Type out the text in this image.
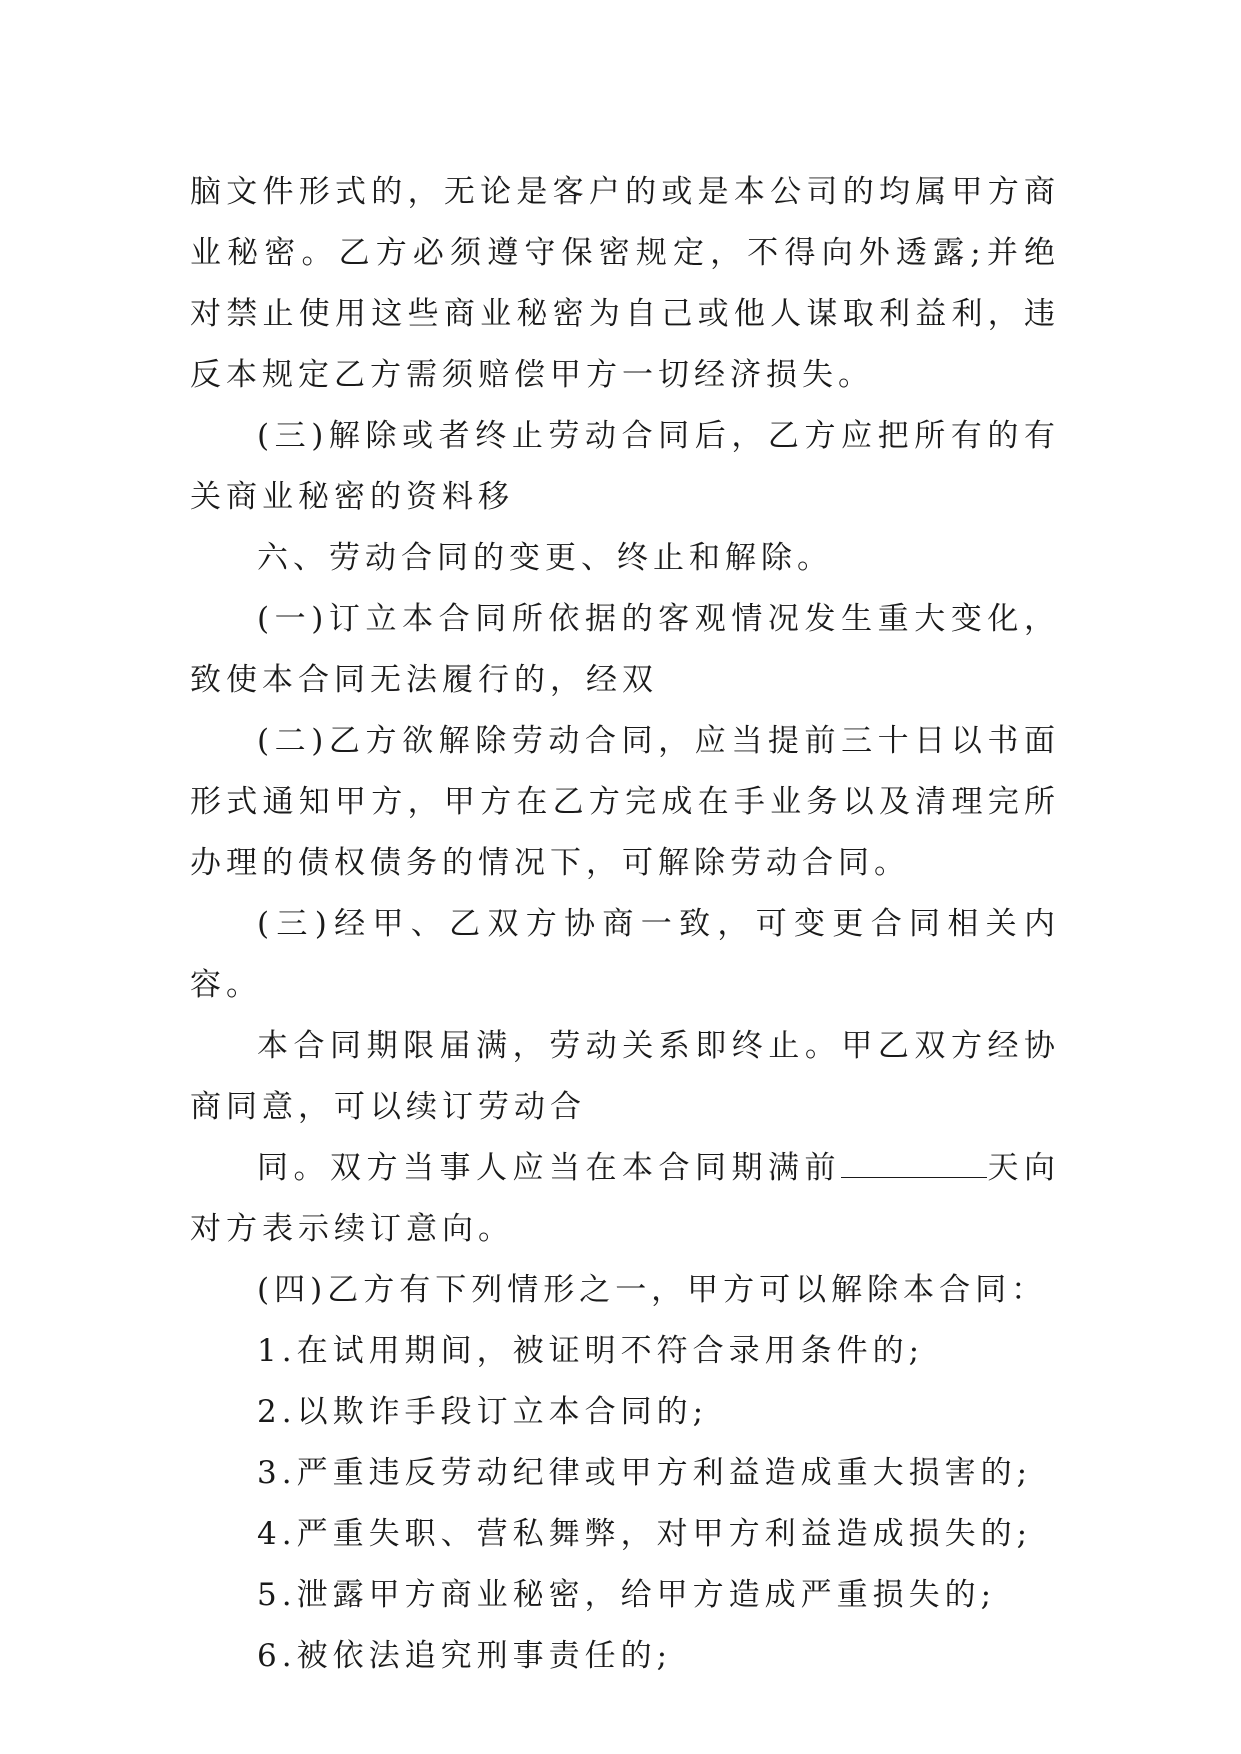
脑文件形式的，无论是客户的或是本公司的均属甲方商业秘密。乙方必须遵守保密规定，不得向外透露;并绝对禁止使用这些商业秘密为自己或他人谋取利益利，违反本规定乙方需须赔偿甲方一切经济损失。

(三)解除或者终止劳动合同后，乙方应把所有的有关商业秘密的资料移

六、劳动合同的变更、终止和解除。

(一)订立本合同所依据的客观情况发生重大变化，致使本合同无法履行的，经双

(二)乙方欲解除劳动合同，应当提前三十日以书面形式通知甲方，甲方在乙方完成在手业务以及清理完所办理的债权债务的情况下，可解除劳动合同。

(三)经甲、乙双方协商一致，可变更合同相关内容。

本合同期限届满，劳动关系即终止。甲乙双方经协商同意，可以续订劳动合

同。双方当事人应当在本合同期满前	天向对方表示续订意向。

(四)乙方有下列情形之一，甲方可以解除本合同：

1.在试用期间，被证明不符合录用条件的;

2.以欺诈手段订立本合同的;

3.严重违反劳动纪律或甲方利益造成重大损害的;

4.严重失职、营私舞弊，对甲方利益造成损失的;

5.泄露甲方商业秘密，给甲方造成严重损失的;

6.被依法追究刑事责任的;
